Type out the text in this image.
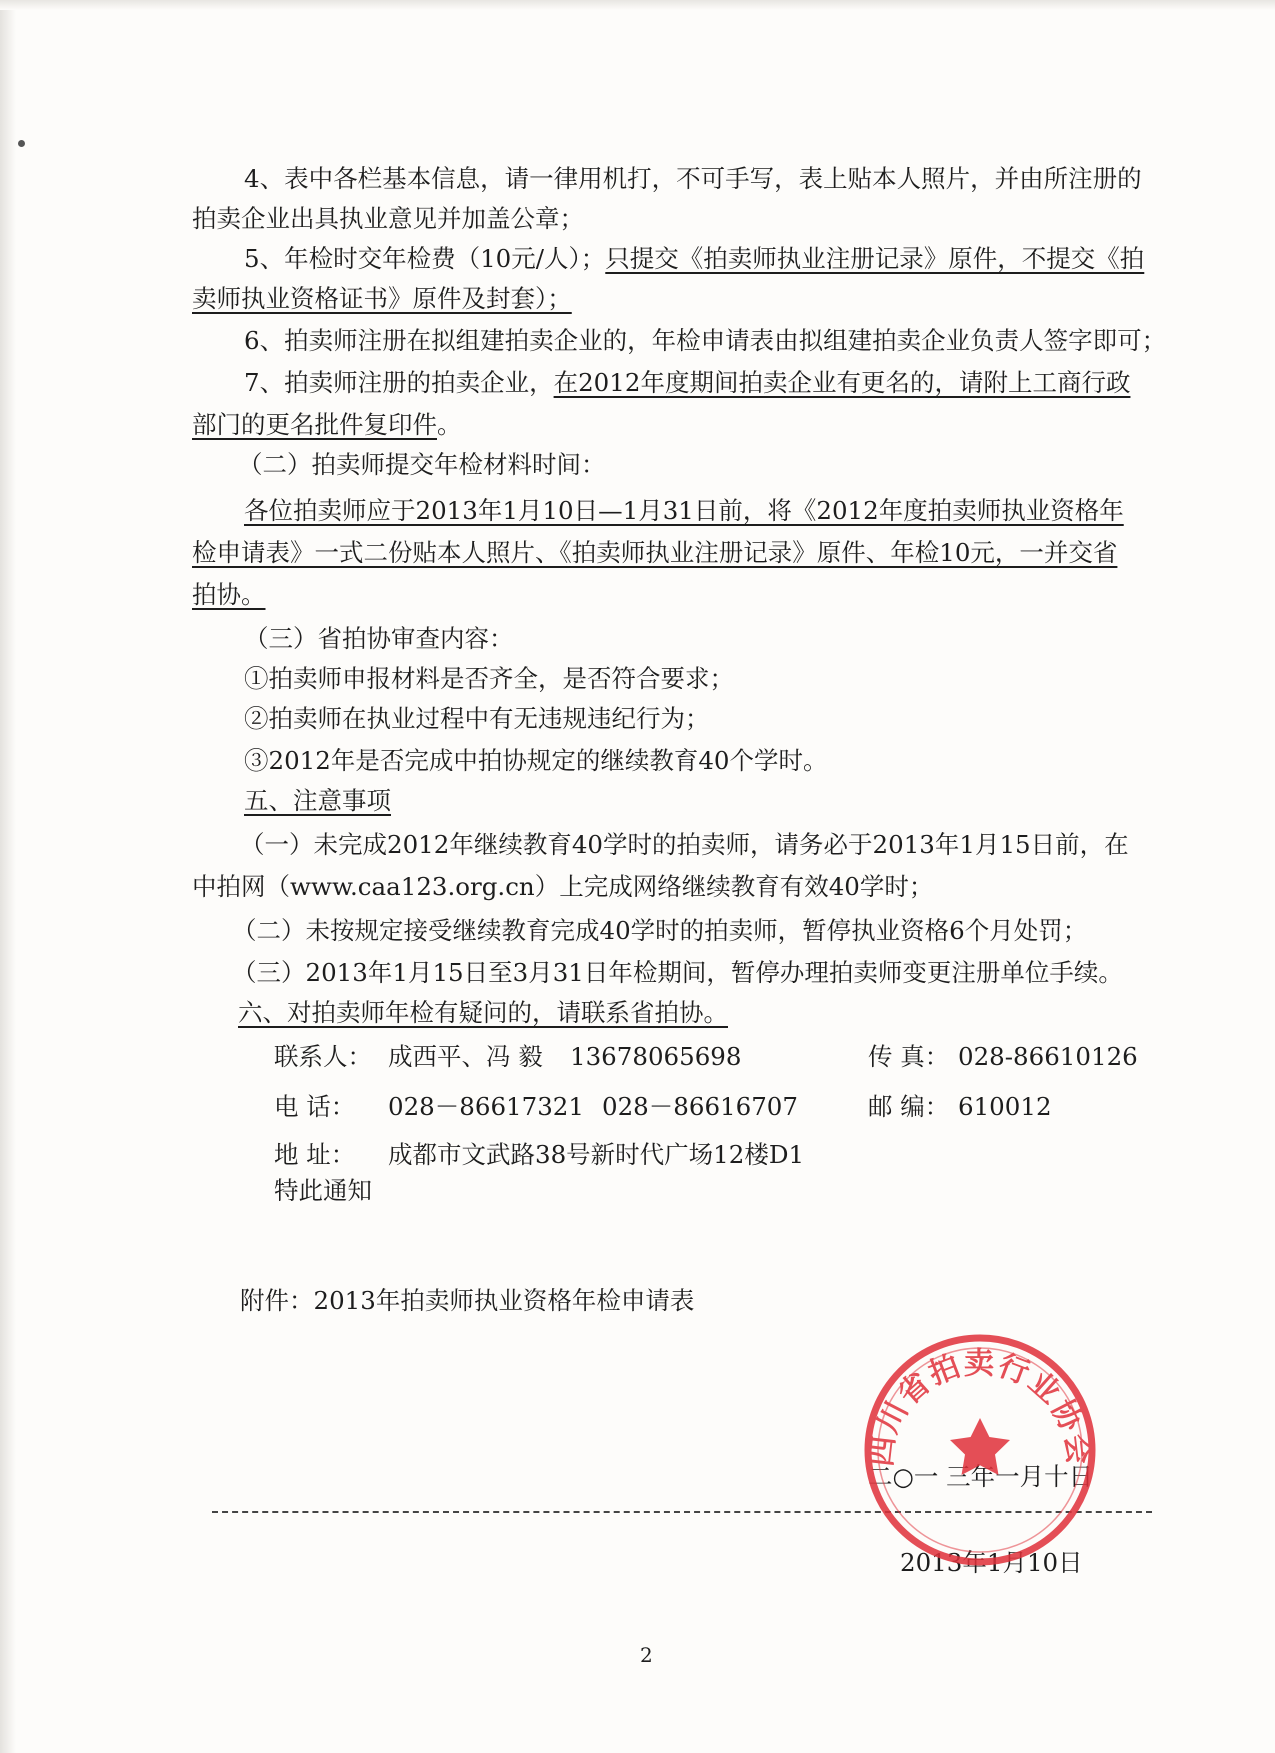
4、表中各栏基本信息，请一律用机打，不可手写，表上贴本人照片，并由所注册的
拍卖企业出具执业意见并加盖公章；
5、年检时交年检费（10元/人）；只提交《拍卖师执业注册记录》原件，不提交《拍
卖师执业资格证书》原件及封套）；
6、拍卖师注册在拟组建拍卖企业的，年检申请表由拟组建拍卖企业负责人签字即可；
7、拍卖师注册的拍卖企业，在2012年度期间拍卖企业有更名的，请附上工商行政
部门的更名批件复印件。
（二）拍卖师提交年检材料时间：
各位拍卖师应于2013年1月10日—1月31日前，将《2012年度拍卖师执业资格年
检申请表》一式二份贴本人照片、《拍卖师执业注册记录》原件、年检10元，一并交省
拍协。
（三）省拍协审查内容：
①拍卖师申报材料是否齐全，是否符合要求；
②拍卖师在执业过程中有无违规违纪行为；
③2012年是否完成中拍协规定的继续教育40个学时。
五、注意事项
（一）未完成2012年继续教育40学时的拍卖师，请务必于2013年1月15日前，在
中拍网（www.caa123.org.cn）上完成网络继续教育有效40学时；
（二）未按规定接受继续教育完成40学时的拍卖师，暂停执业资格6个月处罚；
（三）2013年1月15日至3月31日年检期间，暂停办理拍卖师变更注册单位手续。
六、对拍卖师年检有疑问的，请联系省拍协。
联系人： 成西平、冯 毅 13678065698	传 真： 028-86610126
电 话： 028－86617321 028－86616707	邮 编： 610012
地 址： 成都市文武路38号新时代广场12楼D1
特此通知
附件：2013年拍卖师执业资格年检申请表
二○一 三年一月十日
2013年1月10日
2
四川省拍卖行业协会
